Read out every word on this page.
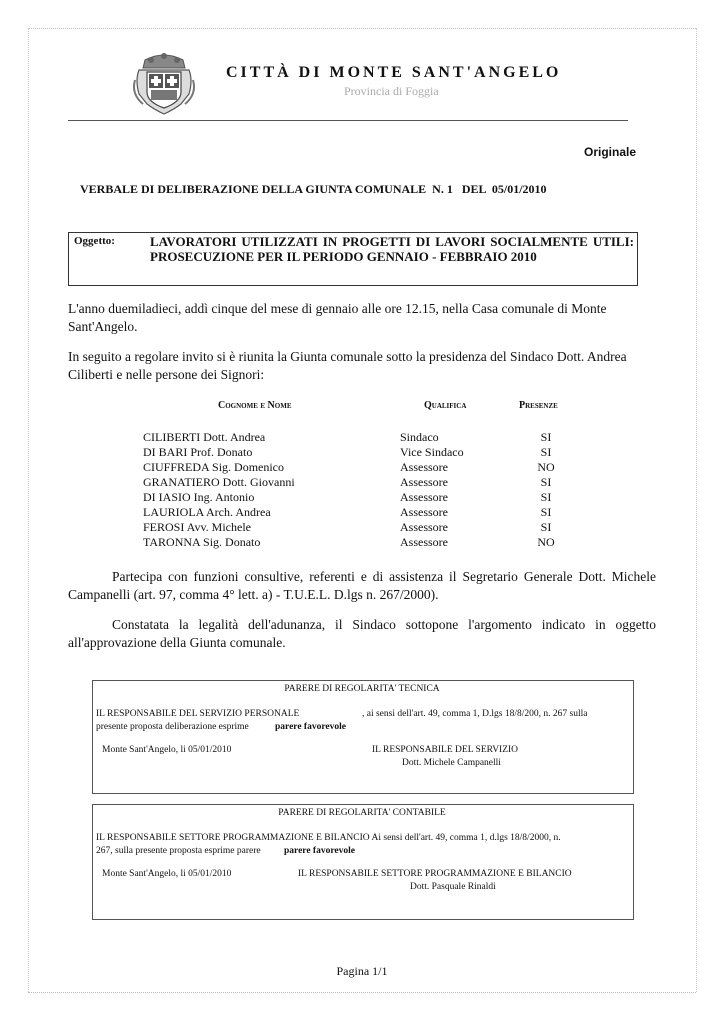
CITTÀ DI MONTE SANT'ANGELO
Provincia di Foggia
Originale
VERBALE DI DELIBERAZIONE DELLA GIUNTA COMUNALE  N. 1   DEL  05/01/2010
Oggetto:	LAVORATORI UTILIZZATI IN PROGETTI DI LAVORI SOCIALMENTE UTILI: PROSECUZIONE PER IL PERIODO GENNAIO - FEBBRAIO 2010
L'anno duemiladieci, addì cinque del mese di gennaio alle ore 12.15, nella Casa comunale di Monte Sant'Angelo.
In seguito a regolare invito si è riunita la Giunta comunale sotto la presidenza del Sindaco Dott. Andrea Ciliberti e nelle persone dei Signori:
Cognome e Nome	Qualifica	Presenze
CILIBERTI Dott. Andrea	Sindaco	SI
DI BARI Prof. Donato	Vice Sindaco	SI
CIUFFREDA Sig. Domenico	Assessore	NO
GRANATIERO Dott. Giovanni	Assessore	SI
DI IASIO Ing. Antonio	Assessore	SI
LAURIOLA Arch. Andrea	Assessore	SI
FEROSI Avv. Michele	Assessore	SI
TARONNA Sig. Donato	Assessore	NO
Partecipa con funzioni consultive, referenti e di assistenza il Segretario Generale Dott. Michele Campanelli (art. 97, comma 4° lett. a) - T.U.E.L. D.lgs n. 267/2000).
Constatata la legalità dell'adunanza, il Sindaco sottopone l'argomento indicato in oggetto all'approvazione della Giunta comunale.
PARERE DI REGOLARITA' TECNICA
IL RESPONSABILE DEL SERVIZIO PERSONALE	, ai sensi dell'art. 49, comma 1, D.lgs 18/8/200, n. 267 sulla
presente proposta deliberazione esprime	parere favorevole
Monte Sant'Angelo, li 05/01/2010	IL RESPONSABILE DEL SERVIZIO
Dott. Michele Campanelli
PARERE DI REGOLARITA' CONTABILE
IL RESPONSABILE SETTORE PROGRAMMAZIONE E BILANCIO Ai sensi dell'art. 49, comma 1, d.lgs 18/8/2000, n.
267, sulla presente proposta esprime parere parere favorevole
Monte Sant'Angelo, li 05/01/2010	IL RESPONSABILE SETTORE PROGRAMMAZIONE E BILANCIO
Dott. Pasquale Rinaldi
Pagina 1/1
